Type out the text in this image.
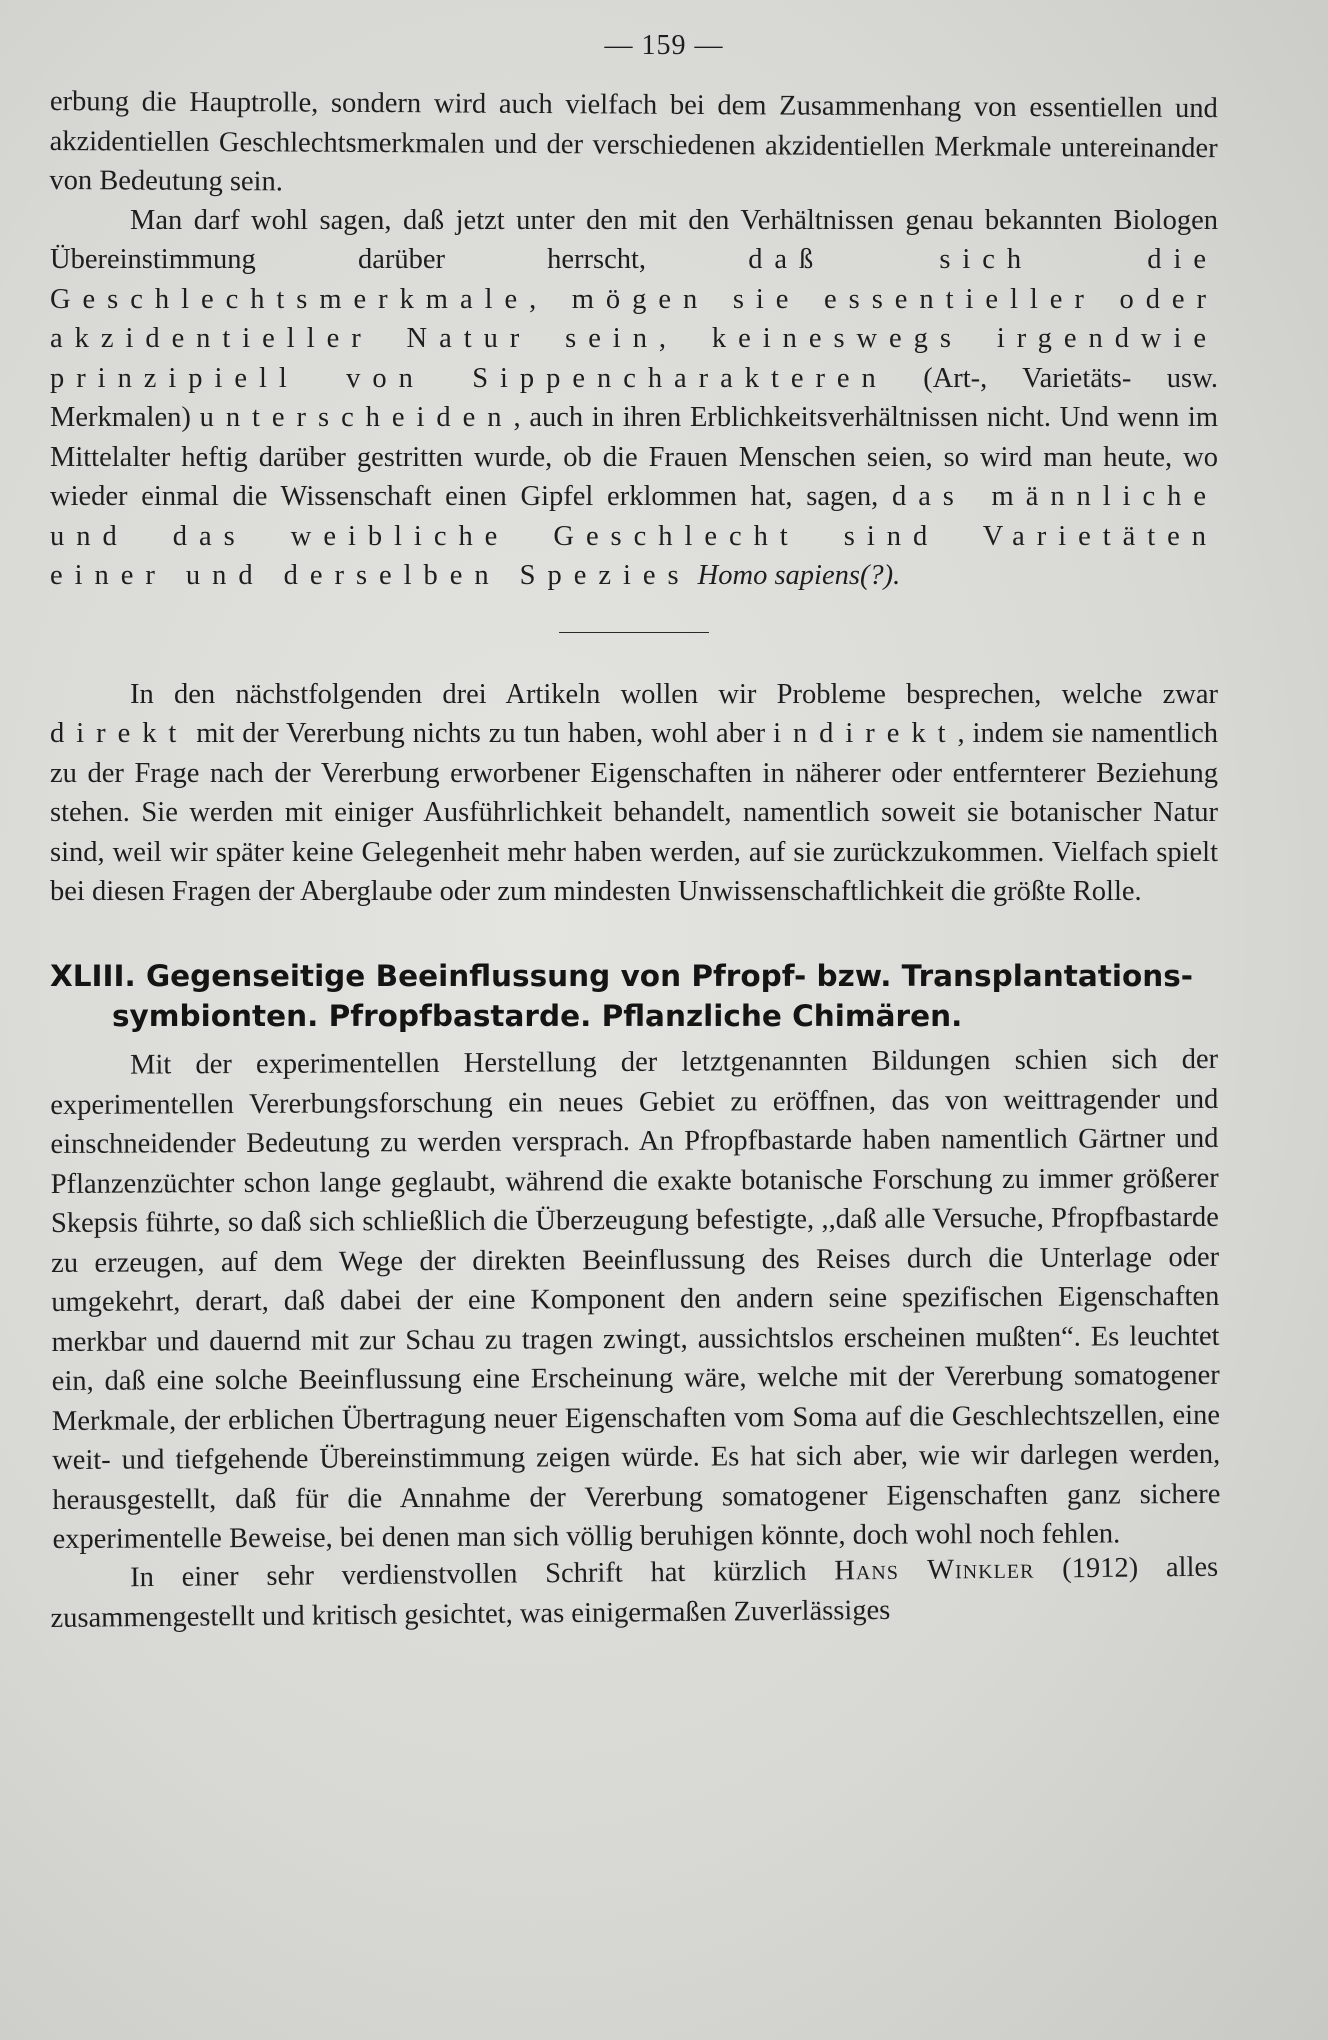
— 159 —

erbung die Hauptrolle, sondern wird auch vielfach bei dem Zusammenhang von essentiellen und akzidentiellen Geschlechtsmerkmalen und der verschiedenen akzidentiellen Merkmale untereinander von Bedeutung sein.

Man darf wohl sagen, daß jetzt unter den mit den Verhältnissen genau bekannten Biologen Übereinstimmung darüber herrscht, daß sich die Geschlechtsmerkmale, mögen sie essentieller oder akzidentieller Natur sein, keineswegs irgendwie prinzipiell von Sippencharakteren (Art-, Varietäts- usw. Merkmalen) unterscheiden, auch in ihren Erblichkeitsverhältnissen nicht. Und wenn im Mittelalter heftig darüber gestritten wurde, ob die Frauen Menschen seien, so wird man heute, wo wieder einmal die Wissenschaft einen Gipfel erklommen hat, sagen, das männliche und das weibliche Geschlecht sind Varietäten einer und derselben Spezies Homo sapiens(?).

In den nächstfolgenden drei Artikeln wollen wir Probleme besprechen, welche zwar direkt mit der Vererbung nichts zu tun haben, wohl aber indirekt, indem sie namentlich zu der Frage nach der Vererbung erworbener Eigenschaften in näherer oder entfernterer Beziehung stehen. Sie werden mit einiger Ausführlichkeit behandelt, namentlich soweit sie botanischer Natur sind, weil wir später keine Gelegenheit mehr haben werden, auf sie zurückzukommen. Vielfach spielt bei diesen Fragen der Aberglaube oder zum mindesten Unwissenschaftlichkeit die größte Rolle.

XLIII. Gegenseitige Beeinflussung von Pfropf- bzw. Transplantations-
symbionten. Pfropfbastarde. Pflanzliche Chimären.

Mit der experimentellen Herstellung der letztgenannten Bildungen schien sich der experimentellen Vererbungsforschung ein neues Gebiet zu eröffnen, das von weittragender und einschneidender Bedeutung zu werden versprach. An Pfropfbastarde haben namentlich Gärtner und Pflanzenzüchter schon lange geglaubt, während die exakte botanische Forschung zu immer größerer Skepsis führte, so daß sich schließlich die Überzeugung befestigte, ,,daß alle Versuche, Pfropfbastarde zu erzeugen, auf dem Wege der direkten Beeinflussung des Reises durch die Unterlage oder umgekehrt, derart, daß dabei der eine Komponent den andern seine spezifischen Eigenschaften merkbar und dauernd mit zur Schau zu tragen zwingt, aussichtslos erscheinen mußten“. Es leuchtet ein, daß eine solche Beeinflussung eine Erscheinung wäre, welche mit der Vererbung somatogener Merkmale, der erblichen Übertragung neuer Eigenschaften vom Soma auf die Geschlechtszellen, eine weit- und tiefgehende Übereinstimmung zeigen würde. Es hat sich aber, wie wir darlegen werden, herausgestellt, daß für die Annahme der Vererbung somatogener Eigenschaften ganz sichere experimentelle Beweise, bei denen man sich völlig beruhigen könnte, doch wohl noch fehlen.

In einer sehr verdienstvollen Schrift hat kürzlich Hans Winkler (1912) alles zusammengestellt und kritisch gesichtet, was einigermaßen Zuverlässiges
